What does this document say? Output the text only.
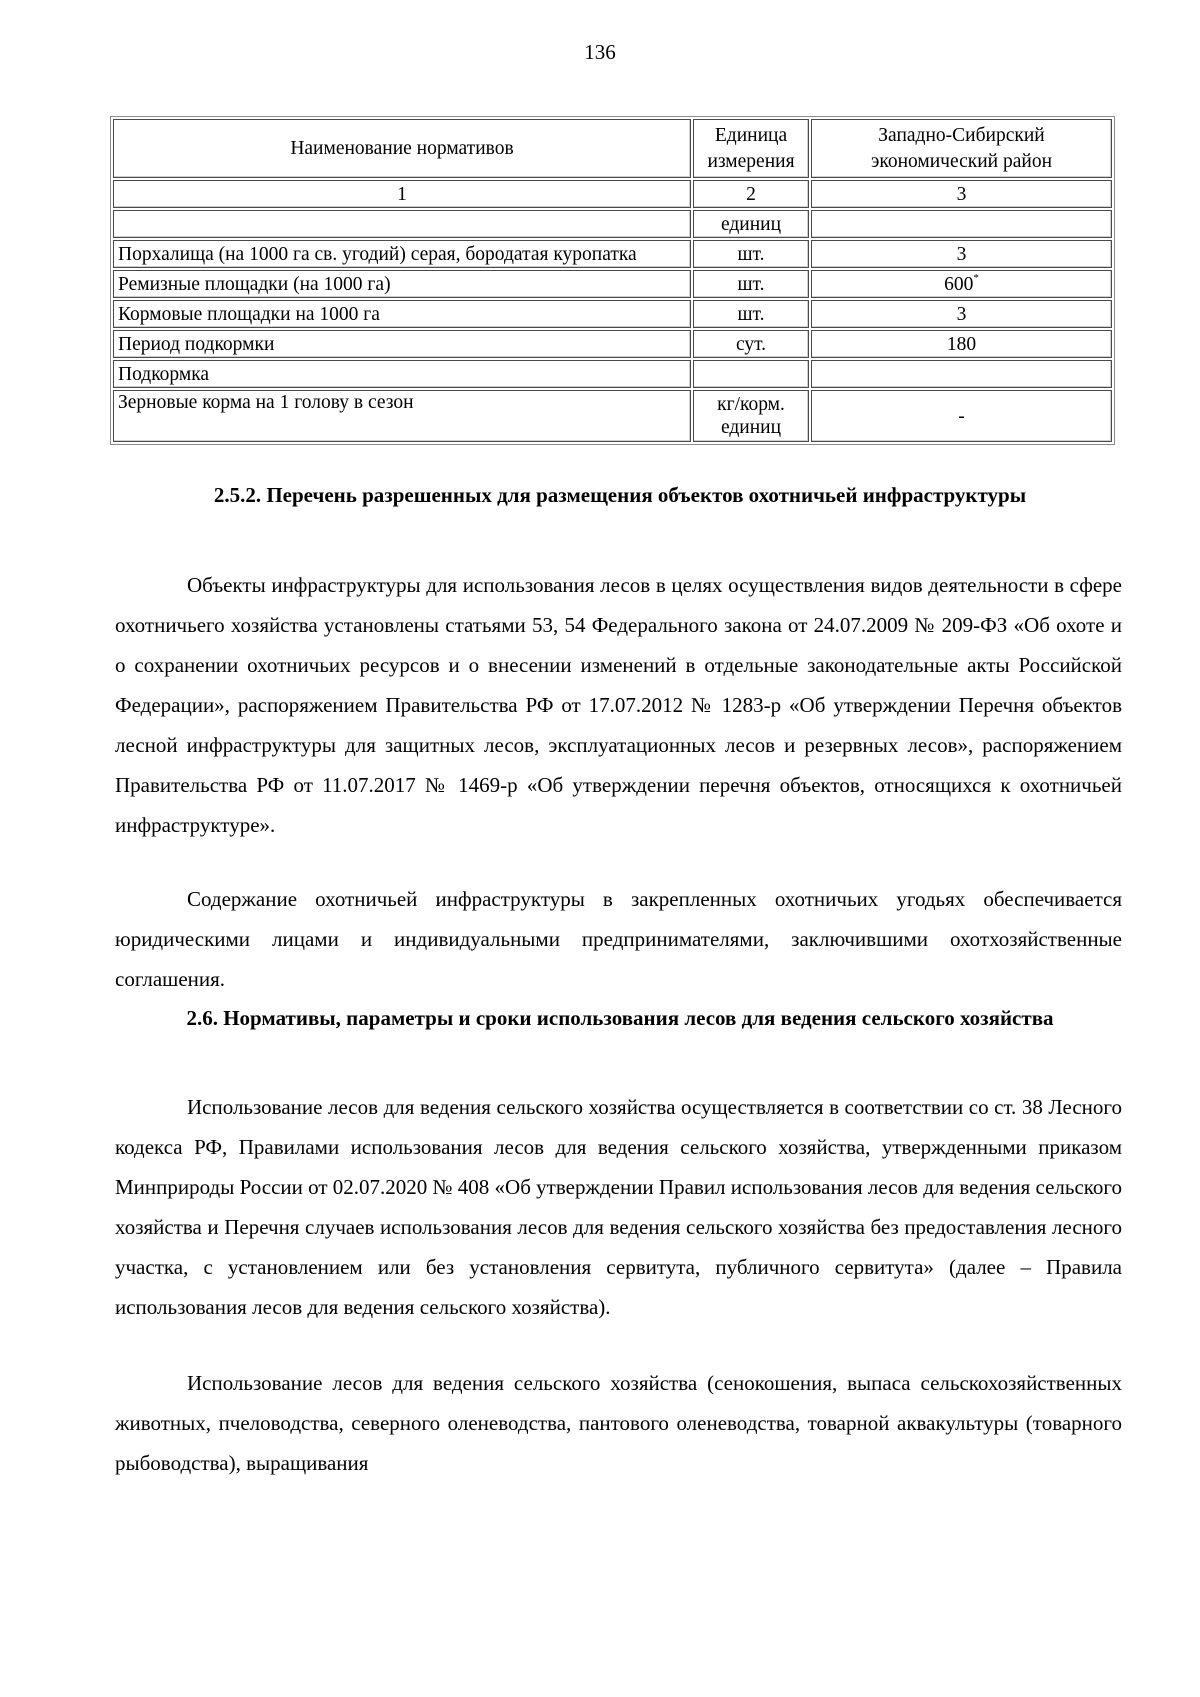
136
Наименование нормативов	Единица измерения	Западно-Сибирский экономический район
1	2	3
	единиц	
Порхалища (на 1000 га св. угодий) серая, бородатая куропатка	шт.	3
Ремизные площадки (на 1000 га)	шт.	600*
Кормовые площадки на 1000 га	шт.	3
Период подкормки	сут.	180
Подкормка		
Зерновые корма на 1 голову в сезон	кг/корм. единиц	-
2.5.2. Перечень разрешенных для размещения объектов охотничьей инфраструктуры

Объекты инфраструктуры для использования лесов в целях осуществления видов деятельности в сфере охотничьего хозяйства установлены статьями 53, 54 Федерального закона от 24.07.2009 № 209-ФЗ «Об охоте и о сохранении охотничьих ресурсов и о внесении изменений в отдельные законодательные акты Российской Федерации», распоряжением Правительства РФ от 17.07.2012 № 1283-р «Об утверждении Перечня объектов лесной инфраструктуры для защитных лесов, эксплуатационных лесов и резервных лесов», распоряжением Правительства РФ от 11.07.2017 № 1469-р «Об утверждении перечня объектов, относящихся к охотничьей инфраструктуре».

Содержание охотничьей инфраструктуры в закрепленных охотничьих угодьях обеспечивается юридическими лицами и индивидуальными предпринимателями, заключившими охотхозяйственные соглашения.

2.6. Нормативы, параметры и сроки использования лесов для ведения сельского хозяйства

Использование лесов для ведения сельского хозяйства осуществляется в соответствии со ст. 38 Лесного кодекса РФ, Правилами использования лесов для ведения сельского хозяйства, утвержденными приказом Минприроды России от 02.07.2020 № 408 «Об утверждении Правил использования лесов для ведения сельского хозяйства и Перечня случаев использования лесов для ведения сельского хозяйства без предоставления лесного участка, с установлением или без установления сервитута, публичного сервитута» (далее – Правила использования лесов для ведения сельского хозяйства).

Использование лесов для ведения сельского хозяйства (сенокошения, выпаса сельскохозяйственных животных, пчеловодства, северного оленеводства, пантового оленеводства, товарной аквакультуры (товарного рыбоводства), выращивания
